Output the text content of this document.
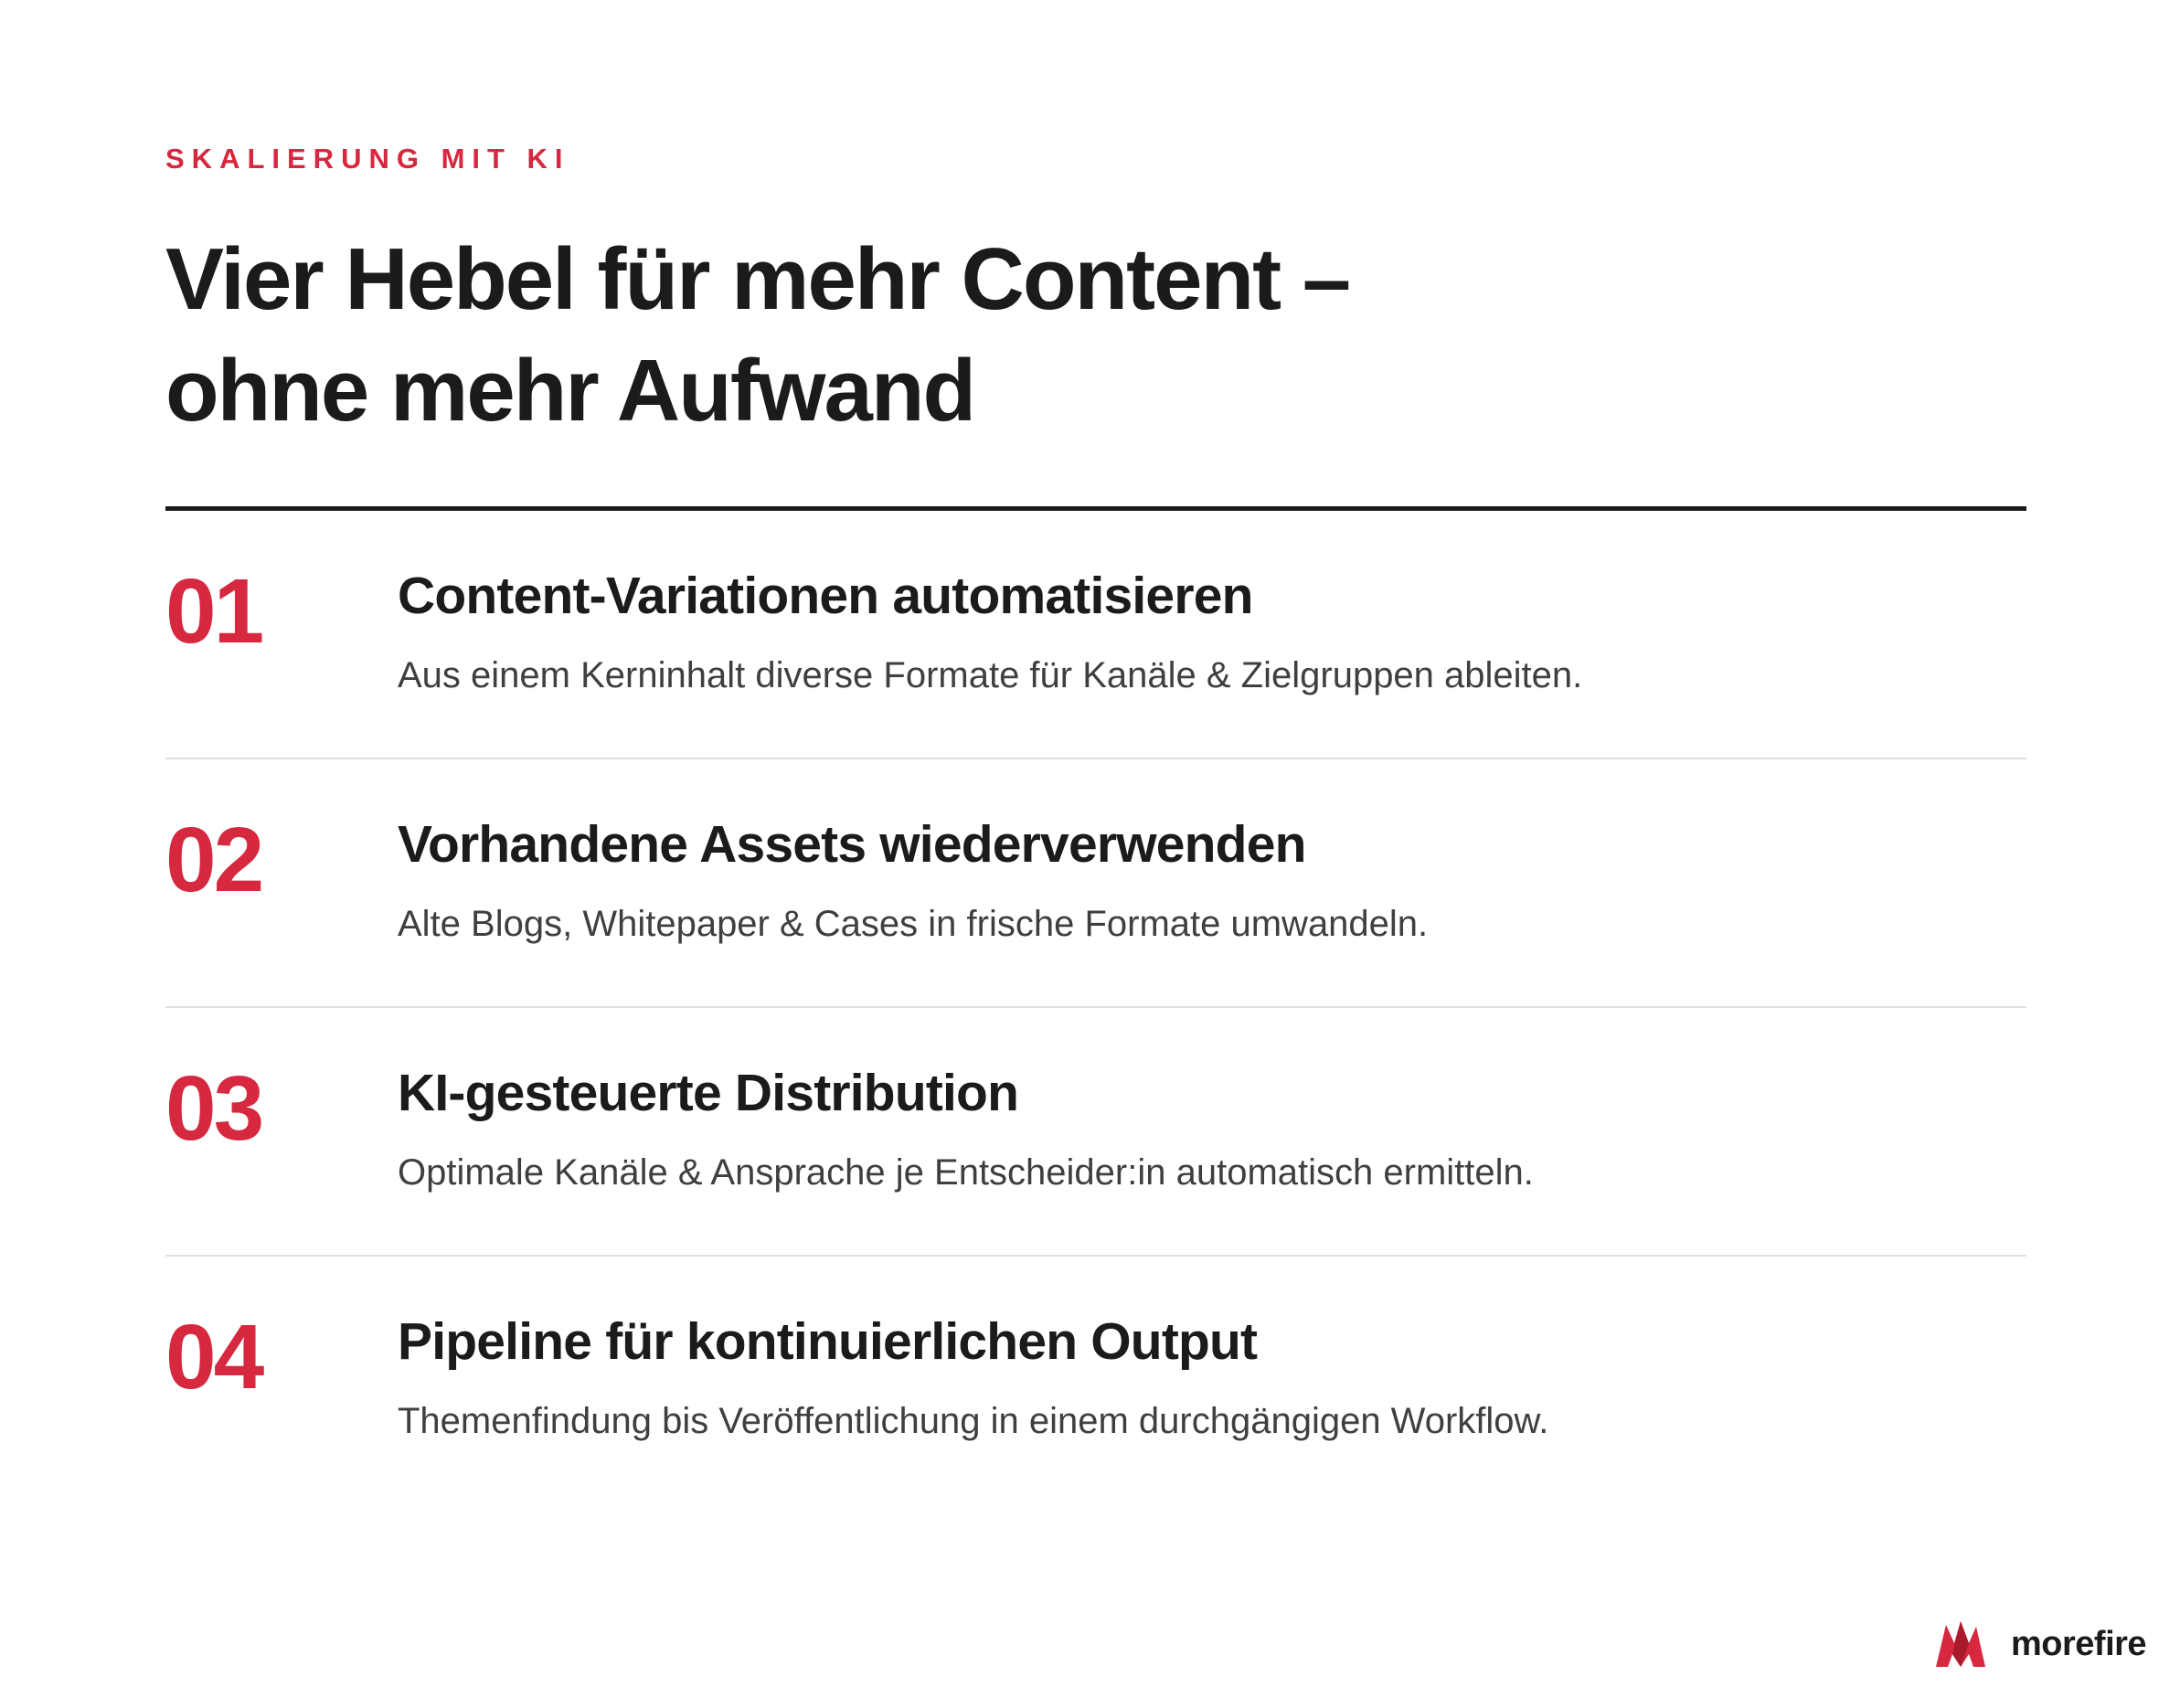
SKALIERUNG MIT KI
Vier Hebel für mehr Content –
ohne mehr Aufwand
01	Content-Variationen automatisieren
Aus einem Kerninhalt diverse Formate für Kanäle & Zielgruppen ableiten.
02	Vorhandene Assets wiederverwenden
Alte Blogs, Whitepaper & Cases in frische Formate umwandeln.
03	KI-gesteuerte Distribution
Optimale Kanäle & Ansprache je Entscheider:in automatisch ermitteln.
04	Pipeline für kontinuierlichen Output
Themenfindung bis Veröffentlichung in einem durchgängigen Workflow.
morefire
